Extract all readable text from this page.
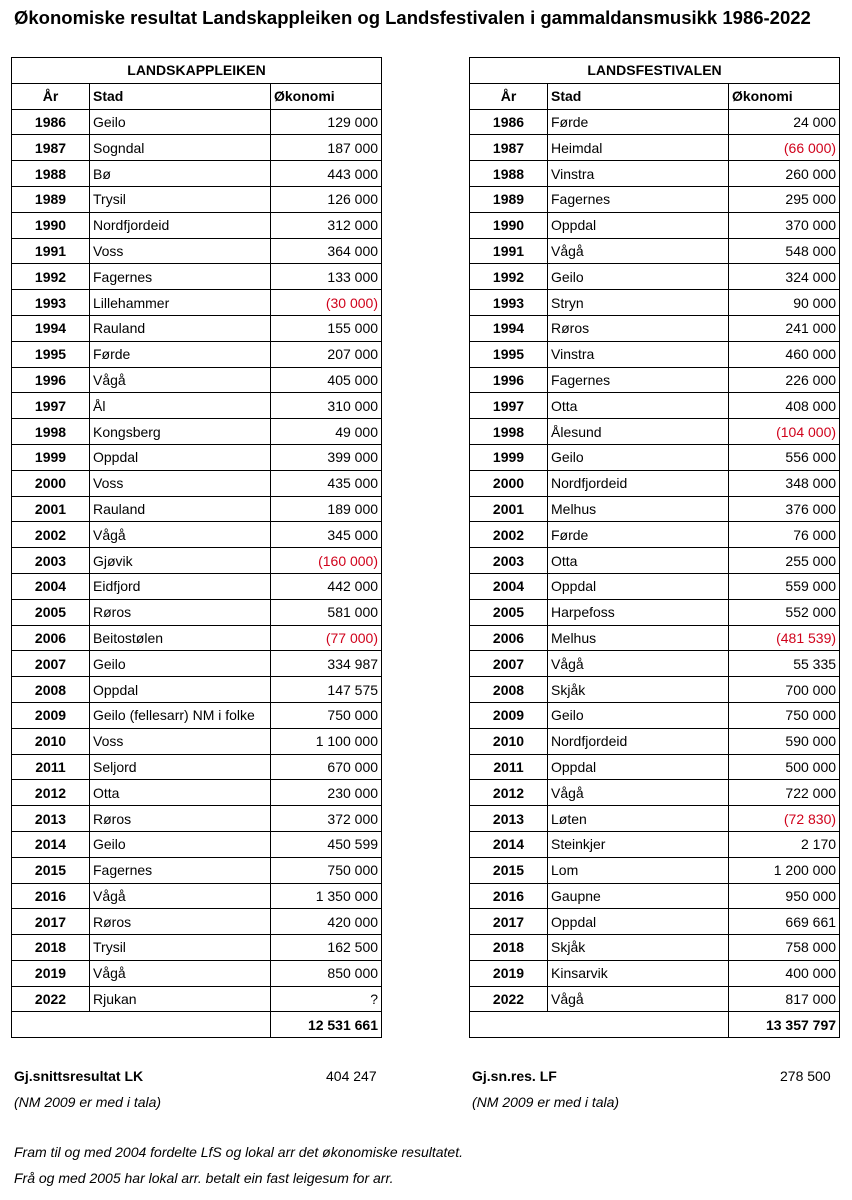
Økonomiske resultat Landskappleiken og Landsfestivalen i gammaldansmusikk 1986-2022
LANDSKAPPLEIKEN		
År	Stad	Økonomi
1986	Geilo	129 000
1987	Sogndal	187 000
1988	Bø	443 000
1989	Trysil	126 000
1990	Nordfjordeid	312 000
1991	Voss	364 000
1992	Fagernes	133 000
1993	Lillehammer	(30 000)
1994	Rauland	155 000
1995	Førde	207 000
1996	Vågå	405 000
1997	Ål	310 000
1998	Kongsberg	49 000
1999	Oppdal	399 000
2000	Voss	435 000
2001	Rauland	189 000
2002	Vågå	345 000
2003	Gjøvik	(160 000)
2004	Eidfjord	442 000
2005	Røros	581 000
2006	Beitostølen	(77 000)
2007	Geilo	334 987
2008	Oppdal	147 575
2009	Geilo (fellesarr) NM i folke	750 000
2010	Voss	1 100 000
2011	Seljord	670 000
2012	Otta	230 000
2013	Røros	372 000
2014	Geilo	450 599
2015	Fagernes	750 000
2016	Vågå	1 350 000
2017	Røros	420 000
2018	Trysil	162 500
2019	Vågå	850 000
2022	Rjukan	?
		12 531 661
LANDSFESTIVALEN		
År	Stad	Økonomi
1986	Førde	24 000
1987	Heimdal	(66 000)
1988	Vinstra	260 000
1989	Fagernes	295 000
1990	Oppdal	370 000
1991	Vågå	548 000
1992	Geilo	324 000
1993	Stryn	90 000
1994	Røros	241 000
1995	Vinstra	460 000
1996	Fagernes	226 000
1997	Otta	408 000
1998	Ålesund	(104 000)
1999	Geilo	556 000
2000	Nordfjordeid	348 000
2001	Melhus	376 000
2002	Førde	76 000
2003	Otta	255 000
2004	Oppdal	559 000
2005	Harpefoss	552 000
2006	Melhus	(481 539)
2007	Vågå	55 335
2008	Skjåk	700 000
2009	Geilo	750 000
2010	Nordfjordeid	590 000
2011	Oppdal	500 000
2012	Vågå	722 000
2013	Løten	(72 830)
2014	Steinkjer	2 170
2015	Lom	1 200 000
2016	Gaupne	950 000
2017	Oppdal	669 661
2018	Skjåk	758 000
2019	Kinsarvik	400 000
2022	Vågå	817 000
		13 357 797
Gj.snittsresultat LK	404 247
(NM 2009 er med i tala)
Gj.sn.res. LF	278 500
(NM 2009 er med i tala)
Fram til og med 2004 fordelte LfS og lokal arr det økonomiske resultatet.
Frå og med 2005 har lokal arr. betalt ein fast leigesum for arr.
